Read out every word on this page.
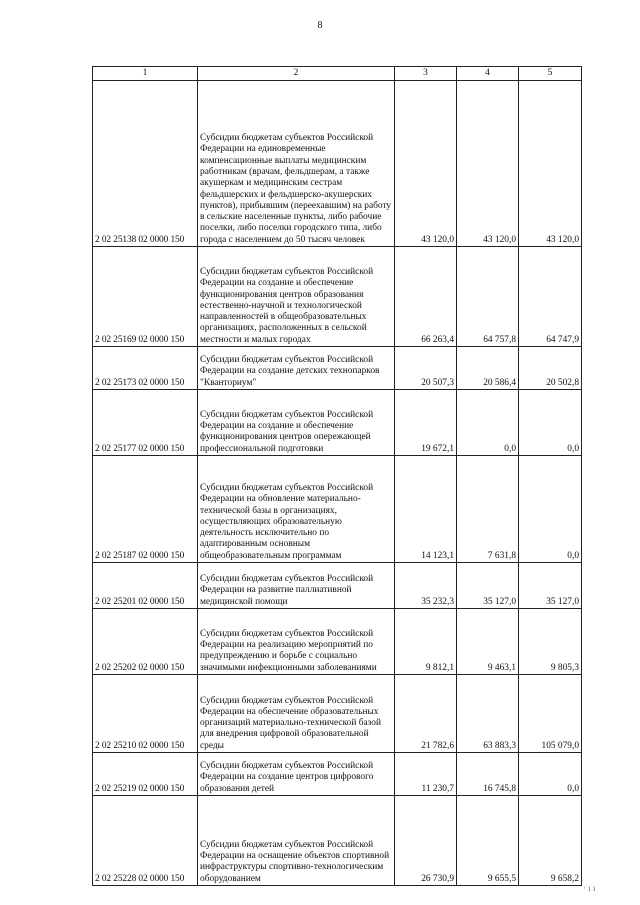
8
1	2	3	4	5
2 02 25138 02 0000 150	Субсидии бюджетам субъектов Российской Федерации на единовременные компенсационные выплаты медицинским работникам (врачам, фельдшерам, а также акушеркам и медицинским сестрам фельдшерских и фельдшерско-акушерских пунктов), прибывшим (переехавшим) на работу в сельские населенные пункты, либо рабочие поселки, либо поселки городского типа, либо города с населением до 50 тысяч человек	43 120,0	43 120,0	43 120,0
2 02 25169 02 0000 150	Субсидии бюджетам субъектов Российской Федерации на создание и обеспечение функционирования центров образования естественно-научной и технологической направленностей в общеобразовательных организациях, расположенных в сельской местности и малых городах	66 263,4	64 757,8	64 747,9
2 02 25173 02 0000 150	Субсидии бюджетам субъектов Российской Федерации на создание детских технопарков "Кванториум"	20 507,3	20 586,4	20 502,8
2 02 25177 02 0000 150	Субсидии бюджетам субъектов Российской Федерации на создание и обеспечение функционирования центров опережающей профессиональной подготовки	19 672,1	0,0	0,0
2 02 25187 02 0000 150	Субсидии бюджетам субъектов Российской Федерации на обновление материально-технической базы в организациях, осуществляющих образовательную деятельность исключительно по адаптированным основным общеобразовательным программам	14 123,1	7 631,8	0,0
2 02 25201 02 0000 150	Субсидии бюджетам субъектов Российской Федерации на развитие паллиативной медицинской помощи	35 232,3	35 127,0	35 127,0
2 02 25202 02 0000 150	Субсидии бюджетам субъектов Российской Федерации на реализацию мероприятий по предупреждению и борьбе с социально значимыми инфекционными заболеваниями	9 812,1	9 463,1	9 805,3
2 02 25210 02 0000 150	Субсидии бюджетам субъектов Российской Федерации на обеспечение образовательных организаций материально-технической базой для внедрения цифровой образовательной среды	21 782,6	63 883,3	105 079,0
2 02 25219 02 0000 150	Субсидии бюджетам субъектов Российской Федерации на создание центров цифрового образования детей	11 230,7	16 745,8	0,0
2 02 25228 02 0000 150	Субсидии бюджетам субъектов Российской Федерации на оснащение объектов спортивной инфраструктуры спортивно-технологическим оборудованием	26 730,9	9 655,5	9 658,2
· ı ı
